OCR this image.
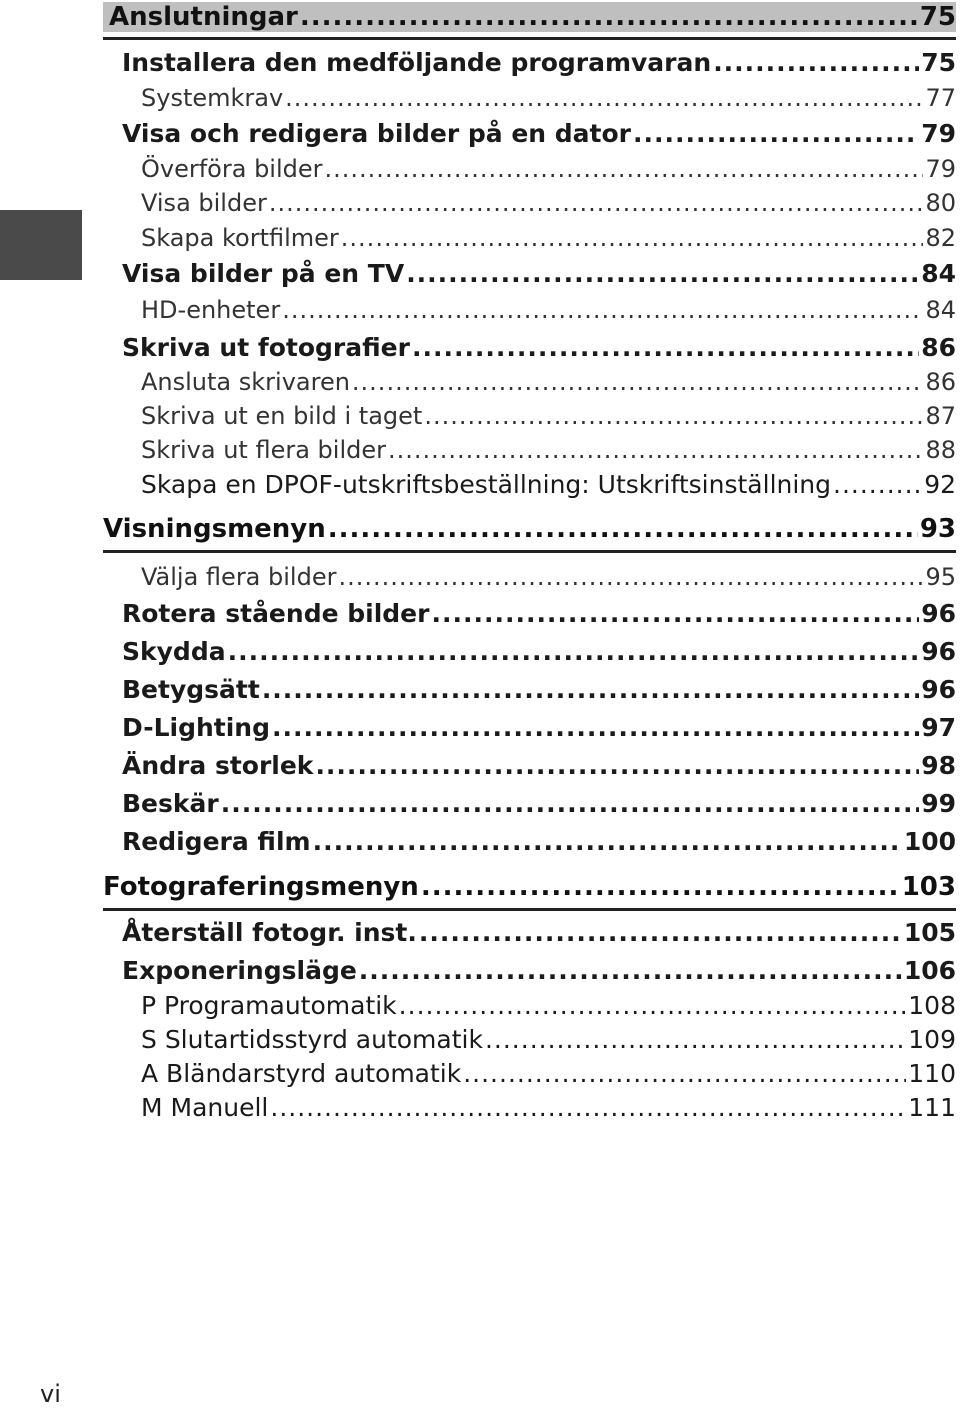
Anslutningar .....	75
Installera den medföljande programvaran .....	75
Systemkrav .....	77
Visa och redigera bilder på en dator .....	79
Överföra bilder .....	79
Visa bilder .....	80
Skapa kortfilmer .....	82
Visa bilder på en TV .....	84
HD-enheter .....	84
Skriva ut fotografier .....	86
Ansluta skrivaren .....	86
Skriva ut en bild i taget .....	87
Skriva ut flera bilder .....	88
Skapa en DPOF-utskriftsbeställning: Utskriftsinställning .....	92
Visningsmenyn .....	93
Välja flera bilder .....	95
Rotera stående bilder .....	96
Skydda .....	96
Betygsätt .....	96
D-Lighting .....	97
Ändra storlek .....	98
Beskär .....	99
Redigera film .....	100
Fotograferingsmenyn .....	103
Återställ fotogr. inst. .....	105
Exponeringsläge .....	106
P Programautomatik .....	108
S Slutartidsstyrd automatik .....	109
A Bländarstyrd automatik .....	110
M Manuell .....	111
vi
